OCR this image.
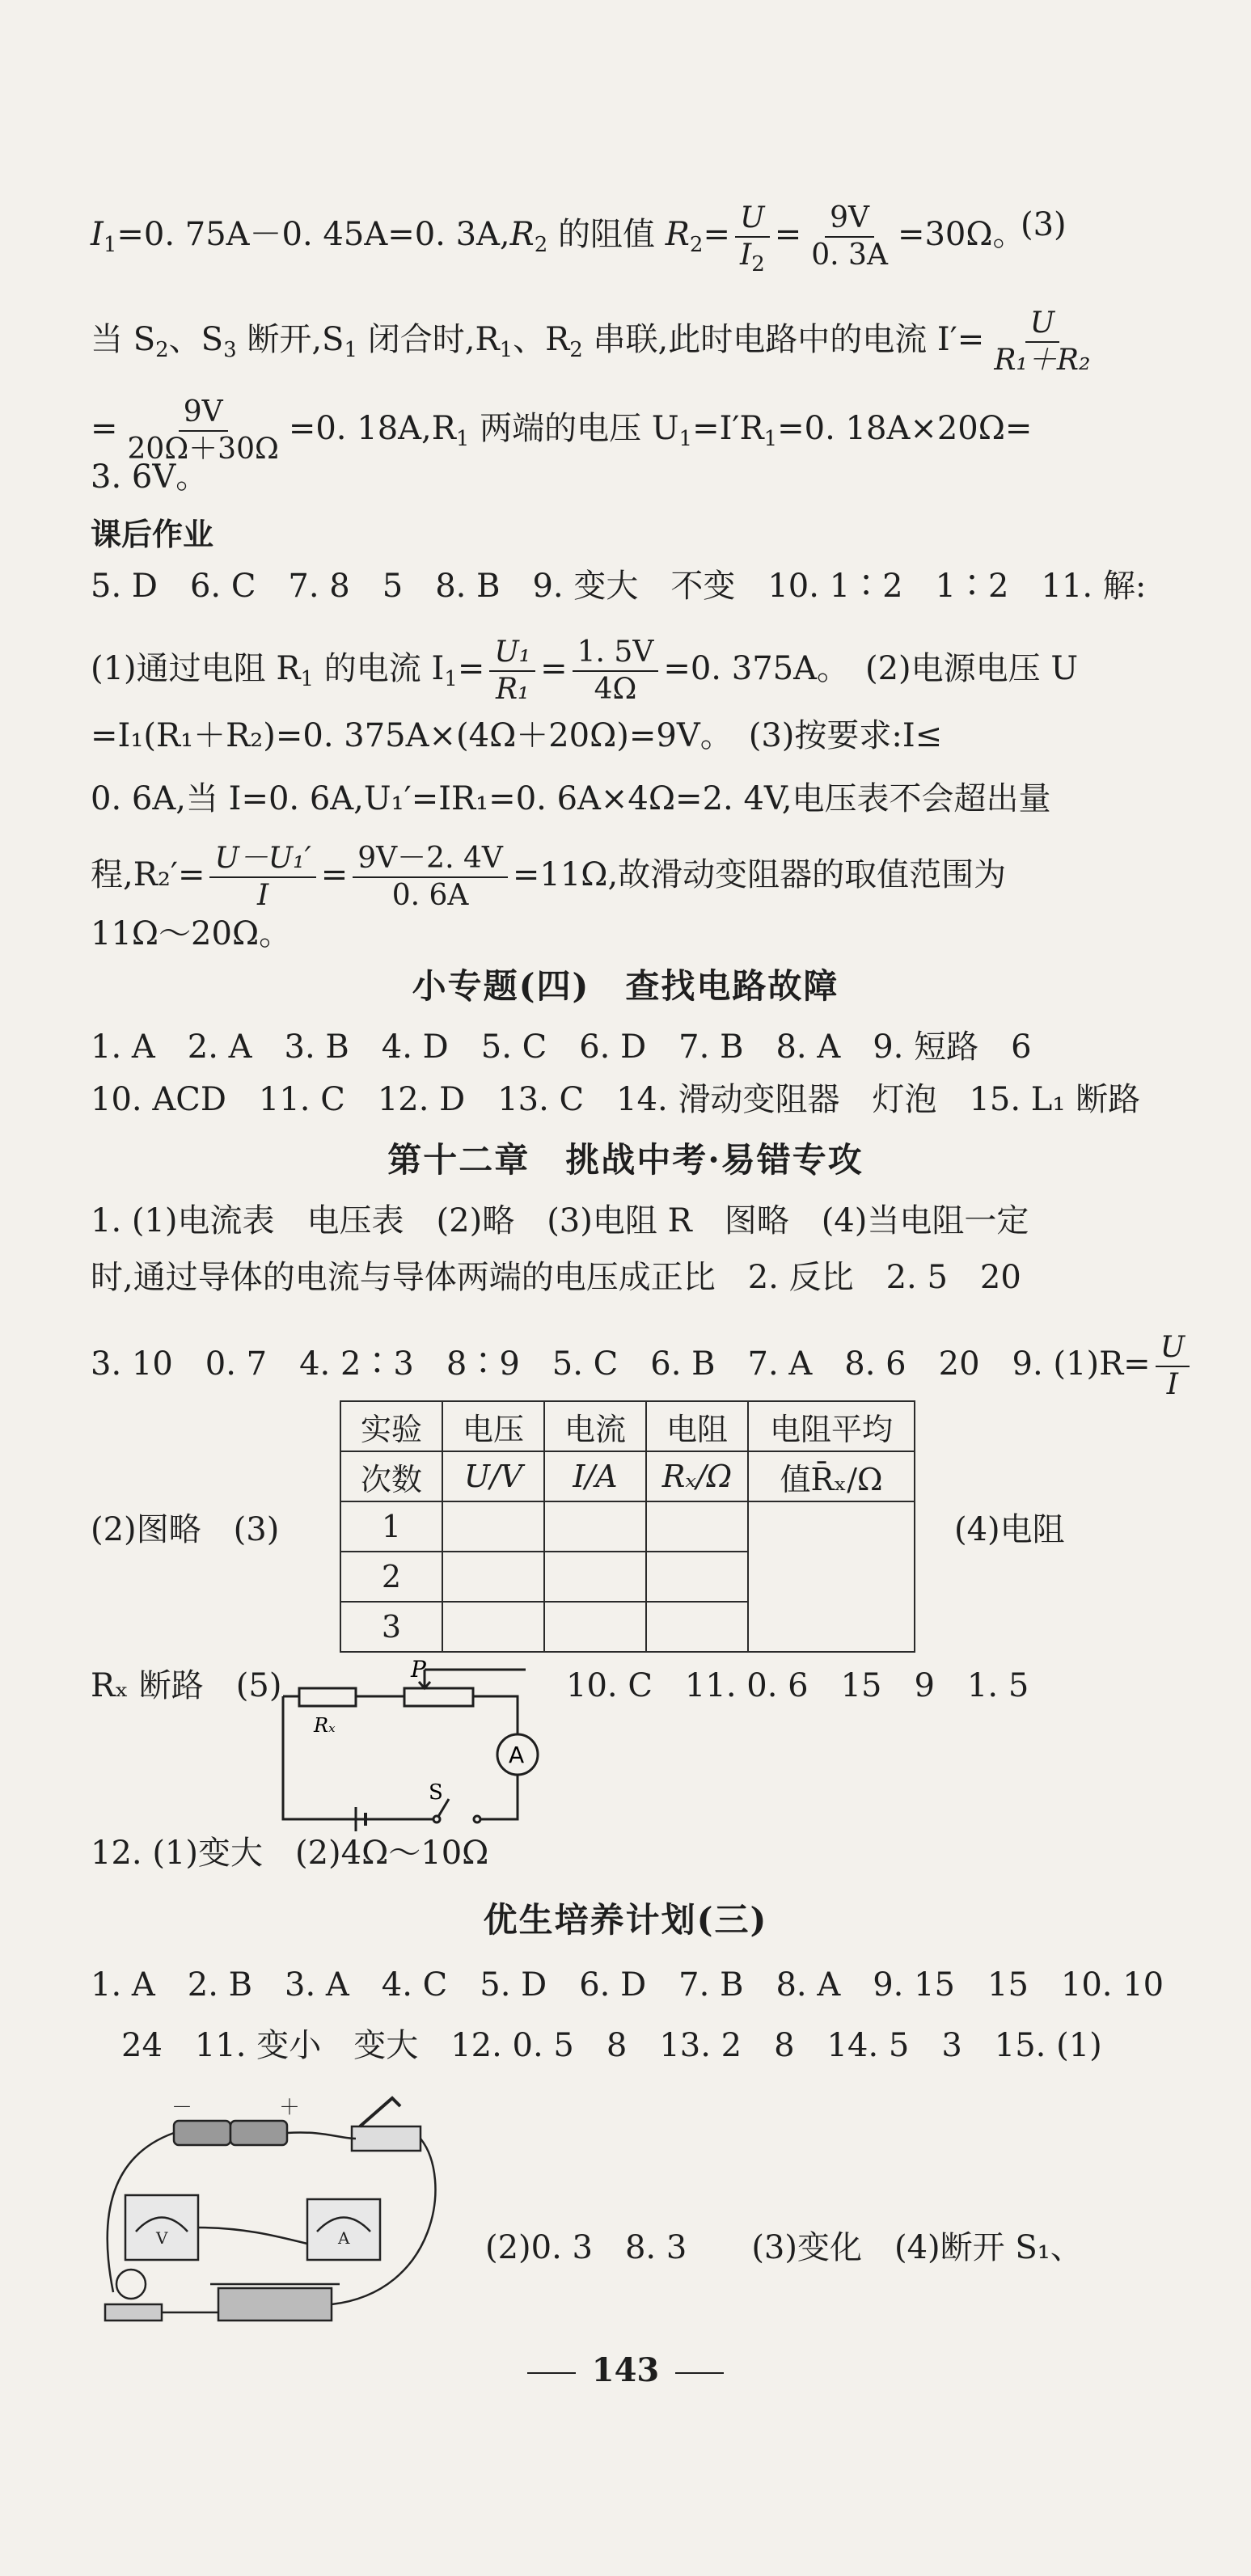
$I_1=0$. 75A－0. 45A=0. $3A,R_2$ 的阻值 $R_2= \frac{U}{I_2} = \frac{9V}{0. 3A} =30\Omega$。
(3)
当 $S_2$、$S_3$ 断开$,S_1$ 闭合时$,R_1$、$R_2$ 串联,此时电路中的电流 $I'= \frac{U}{\text{R₁＋R₂}}$
= $\frac{9V}{20\Omega+30\Omega} =0$. $18A,R_1$ 两端的电压 $U_1=I'R_1=0$. 18A×20Ω=
3. 6V。
课后作业
5. D　6. C　7. 8　5　8. B　9. 变大　不变　10. 1∶2　1∶2　11. 解:
(1)通过电阻 $R_1$ 的电流 $I_1= \frac{\text{U₁}}{\text{R₁}} = \frac{1. 5V}{4\Omega} =0$. 375A。　(2)电源电压 U
=I₁(R₁＋R₂)=0. 375A×(4Ω＋20Ω)=9V。　(3)按要求:I≤
0. 6A,当 I=0. 6A,U₁′=IR₁=0. 6A×4Ω=2. 4V,电压表不会超出量
程$,R_2'= \frac{\text{U－U₁′}}{I} = \frac{9V-2. 4V}{0. 6A} =11\Omega$,故滑动变阻器的取值范围为
11Ω～20Ω。
小专题(四)　查找电路故障
1. A　2. A　3. B　4. D　5. C　6. D　7. B　8. A　9. 短路　6
10. ACD　11. C　12. D　13. C　14. 滑动变阻器　灯泡　15. L₁ 断路
第十二章　挑战中考·易错专攻
1. (1)电流表　电压表　(2)略　(3)电阻 R　图略　(4)当电阻一定
时,通过导体的电流与导体两端的电压成正比　2. 反比　2. 5　20
3. 10　0. 7　4. 2∶3　8∶9　5. C　6. B　7. A　8. 6　20　9. $(1)R= \frac{U}{I}$
实验	电压	电流	电阻	电阻平均
次数	U/V	I/A	Rₓ/Ω	值R̄ₓ/Ω
1				
2				
3				
(2)图略　(3)	(4)电阻
Rₓ 断路　(5)	10. C　11. 0. 6　15　9　1. 5
P
Rₓ
A
S
12. (1)变大　(2)4Ω～10Ω
优生培养计划(三)
1. A　2. B　3. A　4. C　5. D　6. D　7. B　8. A　9. 15　15　10. 10
24　11. 变小　变大　12. 0. 5　8　13. 2　8　14. 5　3　15. (1)
－	＋
V	A	(2)0. 3　8. 3　　(3)变化　(4)断开 S₁、
143
